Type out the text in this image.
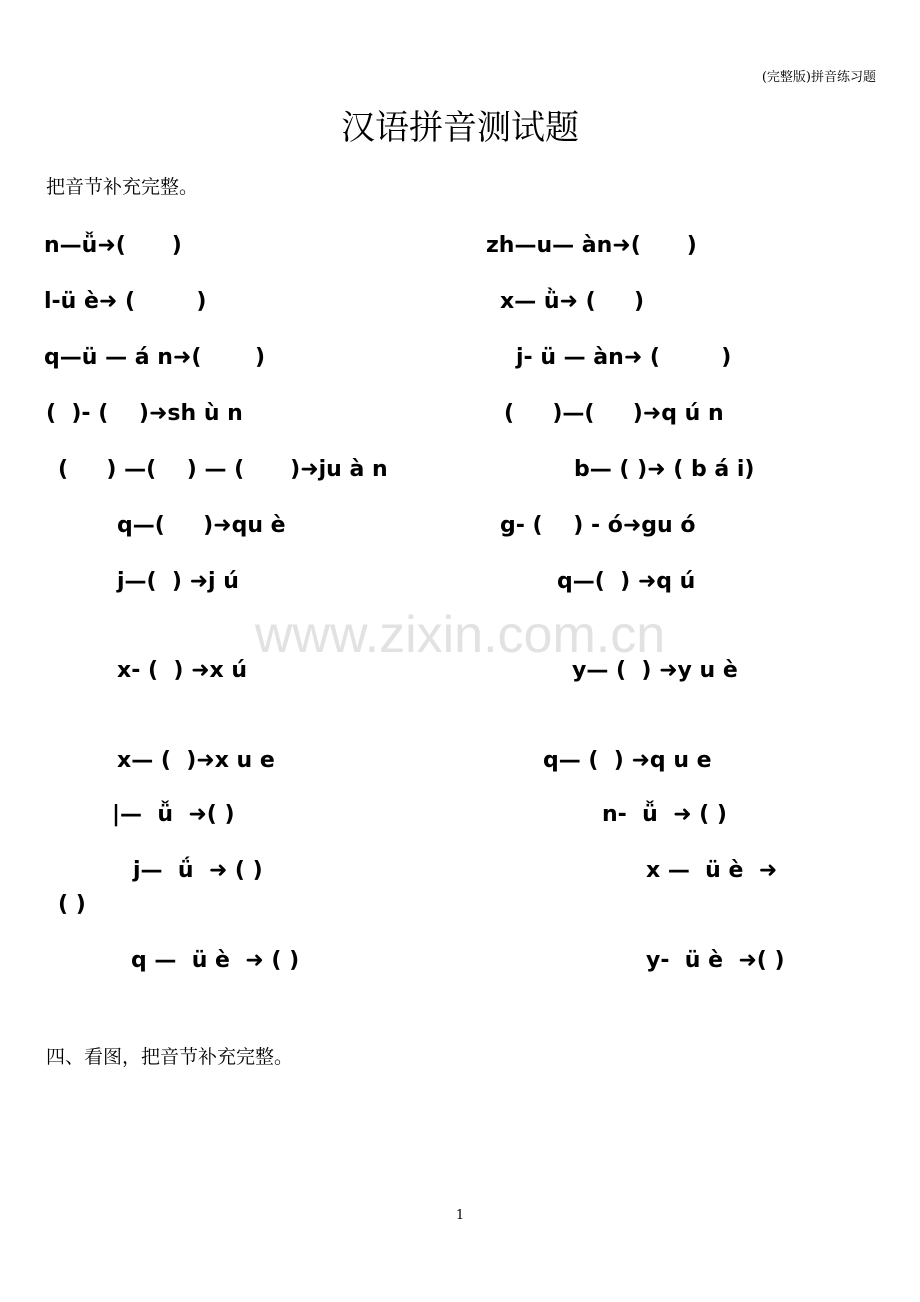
(完整版)拼音练习题
汉语拼音测试题
把音节补充完整。
www.zixin.com.cn
n—ǚ➜(      )	zh—u— àn➜(      )
l-ü è➜ (        )	x— ǜ➜ (     )
q—ü — á n➜(       )	j- ü — àn➜ (        )
(  )- (    )➜sh ù n	(     )—(     )➜q ú n
(     ) —(    ) — (      )➜ju à n	b— ( )➜ ( b á i)
q—(     )➜qu è	g- (    ) - ó➜gu ó
j—(  ) ➜j ú	q—(  ) ➜q ú
x- (  ) ➜x ú	y— (  ) ➜y u è
x— (  )➜x u e	q— (  ) ➜q u e
|—  ǚ  ➜( )	n-  ǚ  ➜ ( )
j—  ǘ  ➜ ( )	x —  ü è  ➜
( )
q —  ü è  ➜ ( )	y-  ü è  ➜( )
四、看图，把音节补充完整。
1
